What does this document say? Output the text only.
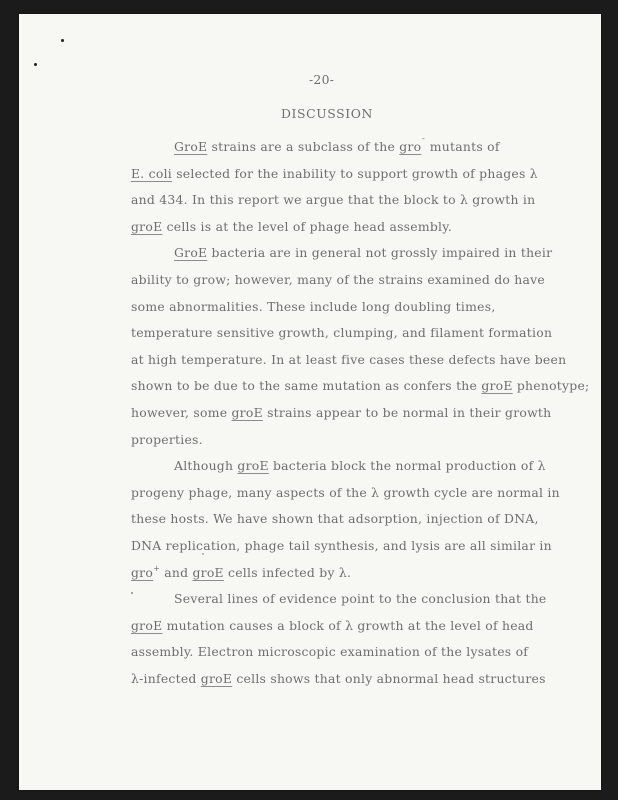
-20-
DISCUSSION
GroE strains are a subclass of the gro¯ mutants of
E. coli selected for the inability to support growth of phages λ
and 434. In this report we argue that the block to λ growth in
groE cells is at the level of phage head assembly.
GroE bacteria are in general not grossly impaired in their
ability to grow; however, many of the strains examined do have
some abnormalities. These include long doubling times,
temperature sensitive growth, clumping, and filament formation
at high temperature. In at least five cases these defects have been
shown to be due to the same mutation as confers the groE phenotype;
however, some groE strains appear to be normal in their growth
properties.
Although groE bacteria block the normal production of λ
progeny phage, many aspects of the λ growth cycle are normal in
these hosts. We have shown that adsorption, injection of DNA,
DNA replication, phage tail synthesis, and lysis are all similar in
gro+ and groE cells infected by λ.
Several lines of evidence point to the conclusion that the
groE mutation causes a block of λ growth at the level of head
assembly. Electron microscopic examination of the lysates of
λ-infected groE cells shows that only abnormal head structures
